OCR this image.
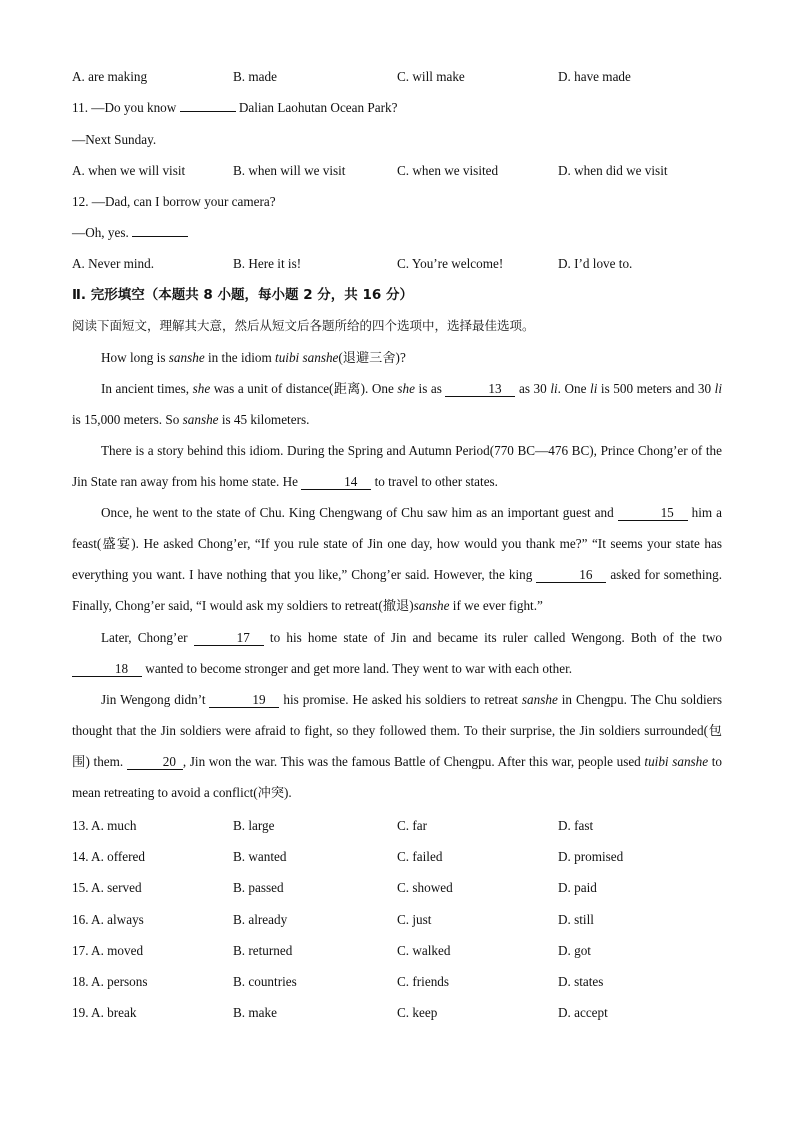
A. are making	B. made	C. will make	D. have made
11. —Do you know	Dalian Laohutan Ocean Park?
—Next Sunday.
A. when we will visit	B. when will we visit	C. when we visited	D. when did we visit
12. —Dad, can I borrow your camera?
—Oh, yes.
A. Never mind.	B. Here it is!	C. You’re welcome!	D. I’d love to.
Ⅱ. 完形填空（本题共 8 小题，每小题 2 分，共 16 分）
阅读下面短文，理解其大意，然后从短文后各题所给的四个选项中，选择最佳选项。
How long is sanshe in the idiom tuibi sanshe(退避三舍)?
In ancient times, she was a unit of distance(距离). One she is as	13 as 30 li. One li is 500 meters and 30 li is 15,000 meters. So sanshe is 45 kilometers.
There is a story behind this idiom. During the Spring and Autumn Period(770 BC—476 BC), Prince Chong’er of the Jin State ran away from his home state. He	14 to travel to other states.
Once, he went to the state of Chu. King Chengwang of Chu saw him as an important guest and	15 him a feast(盛宴). He asked Chong’er, “If you rule state of Jin one day, how would you thank me?” “It seems your state has everything you want. I have nothing that you like,” Chong’er said. However, the king	16 asked for something. Finally, Chong’er said, “I would ask my soldiers to retreat(撤退)sanshe if we ever fight.”
Later, Chong’er	17 to his home state of Jin and became its ruler called Wengong. Both of the two 18 wanted to become stronger and get more land. They went to war with each other.
Jin Wengong didn’t	19 his promise. He asked his soldiers to retreat sanshe in Chengpu. The Chu soldiers thought that the Jin soldiers were afraid to fight, so they followed them. To their surprise, the Jin soldiers surrounded(包围) them.	20 , Jin won the war. This was the famous Battle of Chengpu. After this war, people used tuibi sanshe to mean retreating to avoid a conflict(冲突).
13. A. much	B. large	C. far	D. fast
14. A. offered	B. wanted	C. failed	D. promised
15. A. served	B. passed	C. showed	D. paid
16. A. always	B. already	C. just	D. still
17. A. moved	B. returned	C. walked	D. got
18. A. persons	B. countries	C. friends	D. states
19. A. break	B. make	C. keep	D. accept
